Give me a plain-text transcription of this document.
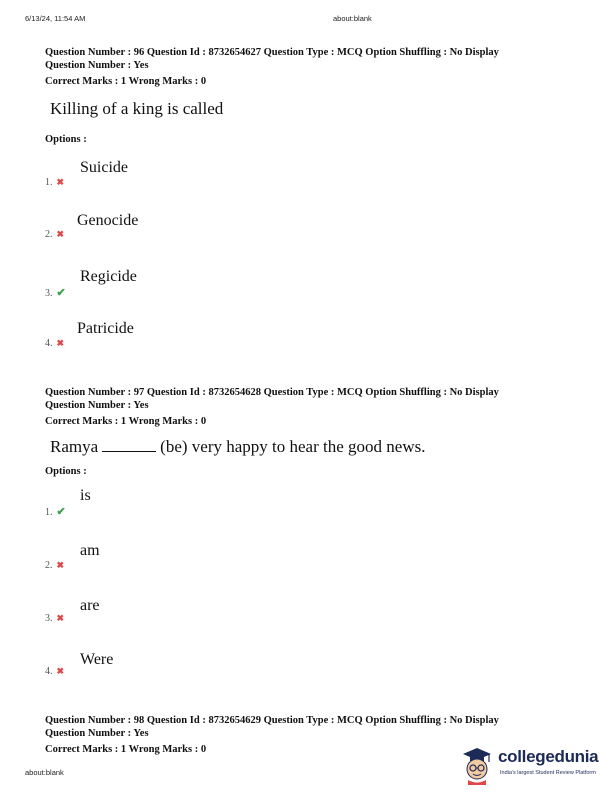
6/13/24, 11:54 AM	about:blank
Question Number : 96 Question Id : 8732654627 Question Type : MCQ Option Shuffling : No Display
Question Number : Yes
Correct Marks : 1 Wrong Marks : 0
Killing of a king is called
Options :
Suicide
1. ✖
Genocide
2. ✖
Regicide
3. ✔
Patricide
4. ✖
Question Number : 97 Question Id : 8732654628 Question Type : MCQ Option Shuffling : No Display
Question Number : Yes
Correct Marks : 1 Wrong Marks : 0
Ramya	(be) very happy to hear the good news.
Options :
is
1. ✔
am
2. ✖
are
3. ✖
Were
4. ✖
Question Number : 98 Question Id : 8732654629 Question Type : MCQ Option Shuffling : No Display
Question Number : Yes
Correct Marks : 1 Wrong Marks : 0
about:blank
collegedunia
India's largest Student Review Platform
